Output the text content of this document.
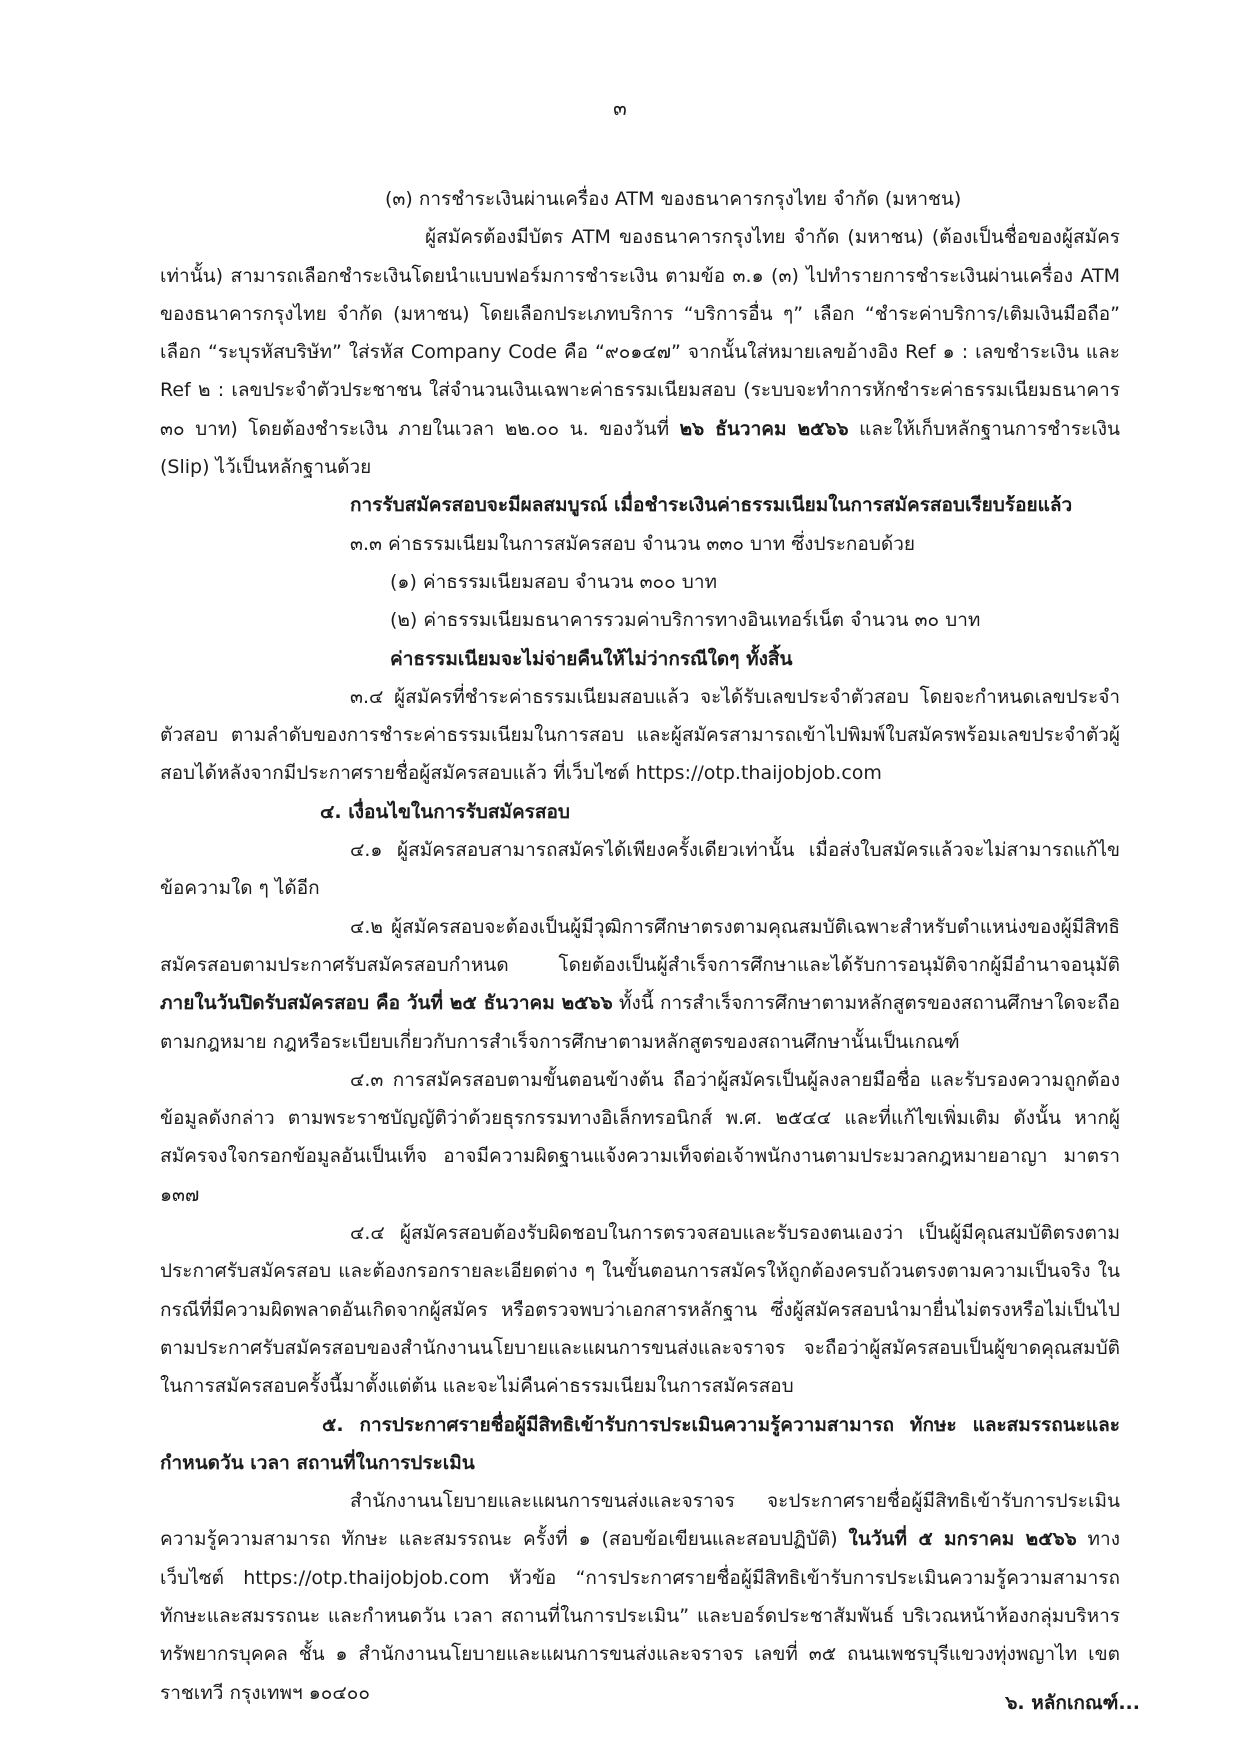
๓

(๓) การชำระเงินผ่านเครื่อง ATM ของธนาคารกรุงไทย จำกัด (มหาชน)

ผู้สมัครต้องมีบัตร ATM ของธนาคารกรุงไทย จำกัด (มหาชน) (ต้องเป็นชื่อของผู้สมัครเท่านั้น) สามารถเลือกชำระเงินโดยนำแบบฟอร์มการชำระเงิน ตามข้อ ๓.๑ (๓) ไปทำรายการชำระเงินผ่านเครื่อง ATM ของธนาคารกรุงไทย จำกัด (มหาชน) โดยเลือกประเภทบริการ “บริการอื่น ๆ” เลือก “ชำระค่าบริการ/เติมเงินมือถือ” เลือก “ระบุรหัสบริษัท” ใส่รหัส Company Code คือ “๙๐๑๔๗” จากนั้นใส่หมายเลขอ้างอิง Ref ๑ : เลขชำระเงิน และ Ref ๒ : เลขประจำตัวประชาชน ใส่จำนวนเงินเฉพาะค่าธรรมเนียมสอบ (ระบบจะทำการหักชำระค่าธรรมเนียมธนาคาร ๓๐ บาท) โดยต้องชำระเงิน ภายในเวลา ๒๒.๐๐ น. ของวันที่ ๒๖ ธันวาคม ๒๕๖๖ และให้เก็บหลักฐานการชำระเงิน (Slip) ไว้เป็นหลักฐานด้วย

การรับสมัครสอบจะมีผลสมบูรณ์ เมื่อชำระเงินค่าธรรมเนียมในการสมัครสอบเรียบร้อยแล้ว

๓.๓ ค่าธรรมเนียมในการสมัครสอบ จำนวน ๓๓๐ บาท ซึ่งประกอบด้วย

(๑) ค่าธรรมเนียมสอบ จำนวน ๓๐๐ บาท

(๒) ค่าธรรมเนียมธนาคารรวมค่าบริการทางอินเทอร์เน็ต จำนวน ๓๐ บาท

ค่าธรรมเนียมจะไม่จ่ายคืนให้ไม่ว่ากรณีใดๆ ทั้งสิ้น

๓.๔ ผู้สมัครที่ชำระค่าธรรมเนียมสอบแล้ว จะได้รับเลขประจำตัวสอบ โดยจะกำหนดเลขประจำตัวสอบ ตามลำดับของการชำระค่าธรรมเนียมในการสอบ และผู้สมัครสามารถเข้าไปพิมพ์ใบสมัครพร้อมเลขประจำตัวผู้สอบได้หลังจากมีประกาศรายชื่อผู้สมัครสอบแล้ว ที่เว็บไซต์ https://otp.thaijobjob.com

๔. เงื่อนไขในการรับสมัครสอบ

๔.๑ ผู้สมัครสอบสามารถสมัครได้เพียงครั้งเดียวเท่านั้น เมื่อส่งใบสมัครแล้วจะไม่สามารถแก้ไขข้อความใด ๆ ได้อีก

๔.๒ ผู้สมัครสอบจะต้องเป็นผู้มีวุฒิการศึกษาตรงตามคุณสมบัติเฉพาะสำหรับตำแหน่งของผู้มีสิทธิสมัครสอบตามประกาศรับสมัครสอบกำหนด โดยต้องเป็นผู้สำเร็จการศึกษาและได้รับการอนุมัติจากผู้มีอำนาจอนุมัติ ภายในวันปิดรับสมัครสอบ คือ วันที่ ๒๕ ธันวาคม ๒๕๖๖ ทั้งนี้ การสำเร็จการศึกษาตามหลักสูตรของสถานศึกษาใดจะถือตามกฎหมาย กฎหรือระเบียบเกี่ยวกับการสำเร็จการศึกษาตามหลักสูตรของสถานศึกษานั้นเป็นเกณฑ์

๔.๓ การสมัครสอบตามขั้นตอนข้างต้น ถือว่าผู้สมัครเป็นผู้ลงลายมือชื่อ และรับรองความถูกต้องข้อมูลดังกล่าว ตามพระราชบัญญัติว่าด้วยธุรกรรมทางอิเล็กทรอนิกส์ พ.ศ. ๒๕๔๔ และที่แก้ไขเพิ่มเติม ดังนั้น หากผู้สมัครจงใจกรอกข้อมูลอันเป็นเท็จ อาจมีความผิดฐานแจ้งความเท็จต่อเจ้าพนักงานตามประมวลกฎหมายอาญา มาตรา ๑๓๗

๔.๔ ผู้สมัครสอบต้องรับผิดชอบในการตรวจสอบและรับรองตนเองว่า เป็นผู้มีคุณสมบัติตรงตามประกาศรับสมัครสอบ และต้องกรอกรายละเอียดต่าง ๆ ในขั้นตอนการสมัครให้ถูกต้องครบถ้วนตรงตามความเป็นจริง ในกรณีที่มีความผิดพลาดอันเกิดจากผู้สมัคร หรือตรวจพบว่าเอกสารหลักฐาน ซึ่งผู้สมัครสอบนำมายื่นไม่ตรงหรือไม่เป็นไปตามประกาศรับสมัครสอบของสำนักงานนโยบายและแผนการขนส่งและจราจร จะถือว่าผู้สมัครสอบเป็นผู้ขาดคุณสมบัติในการสมัครสอบครั้งนี้มาตั้งแต่ต้น และจะไม่คืนค่าธรรมเนียมในการสมัครสอบ

๕. การประกาศรายชื่อผู้มีสิทธิเข้ารับการประเมินความรู้ความสามารถ ทักษะ และสมรรถนะและกำหนดวัน เวลา สถานที่ในการประเมิน

สำนักงานนโยบายและแผนการขนส่งและจราจร จะประกาศรายชื่อผู้มีสิทธิเข้ารับการประเมินความรู้ความสามารถ ทักษะ และสมรรถนะ ครั้งที่ ๑ (สอบข้อเขียนและสอบปฏิบัติ) ในวันที่ ๕ มกราคม ๒๕๖๖ ทางเว็บไซต์ https://otp.thaijobjob.com หัวข้อ “การประกาศรายชื่อผู้มีสิทธิเข้ารับการประเมินความรู้ความสามารถ ทักษะและสมรรถนะ และกำหนดวัน เวลา สถานที่ในการประเมิน” และบอร์ดประชาสัมพันธ์ บริเวณหน้าห้องกลุ่มบริหารทรัพยากรบุคคล ชั้น ๑ สำนักงานนโยบายและแผนการขนส่งและจราจร เลขที่ ๓๕ ถนนเพชรบุรีแขวงทุ่งพญาไท เขตราชเทวี กรุงเทพฯ ๑๐๔๐๐	๖. หลักเกณฑ์...
